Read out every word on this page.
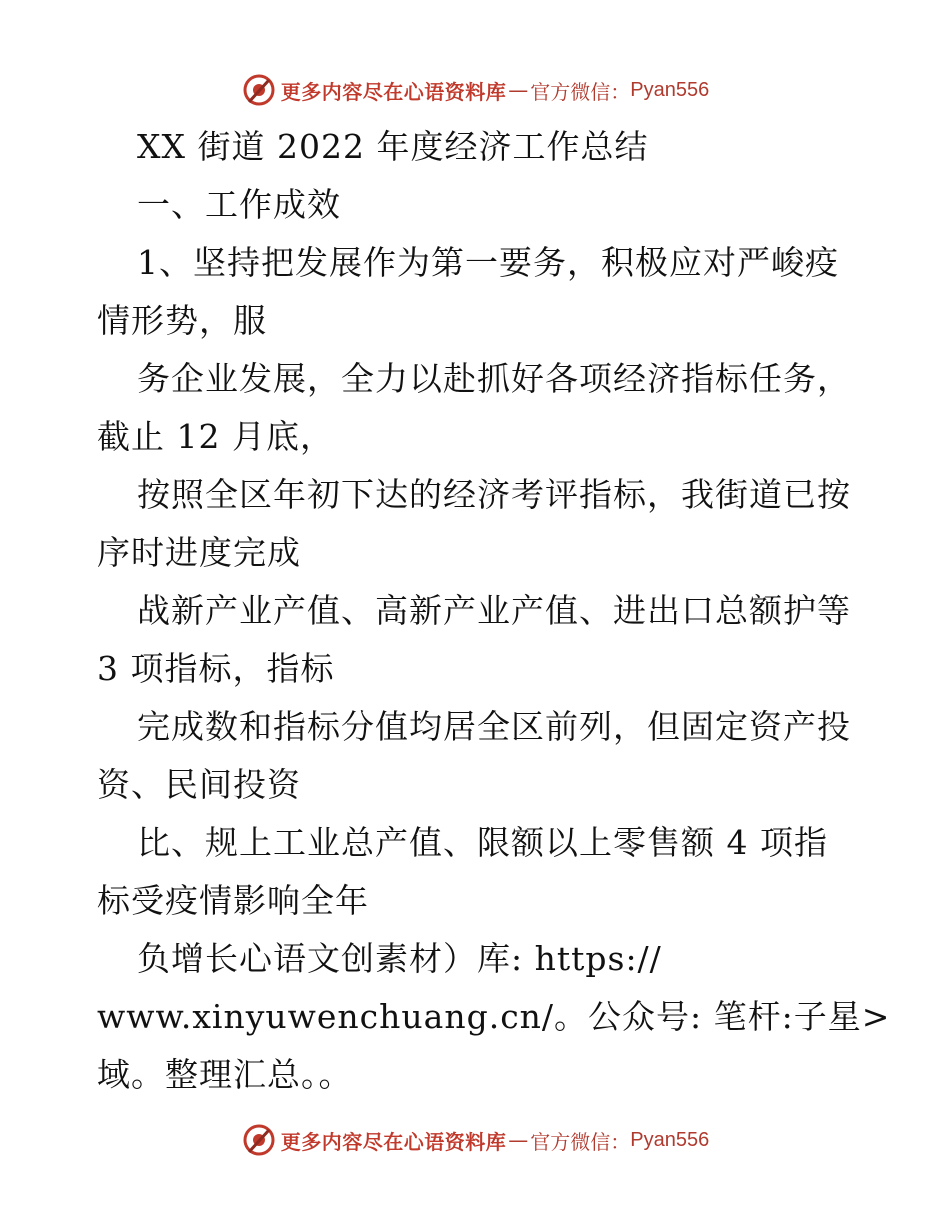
更多内容尽在心语资料库 — 官方微信： Pyan556
XX 街道 2022 年度经济工作总结
一、工作成效
1、坚持把发展作为第一要务，积极应对严峻疫
情形势，服
务企业发展，全力以赴抓好各项经济指标任务，
截止 12 月底，
按照全区年初下达的经济考评指标，我街道已按
序时进度完成
战新产业产值、高新产业产值、进出口总额护等
3 项指标，指标
完成数和指标分值均居全区前列，但固定资产投
资、民间投资
比、规上工业总产值、限额以上零售额 4 项指
标受疫情影响全年
负增长心语文创素材）库: https://
www.xinyuwenchuang.cn/。公众号: 笔杆:子星>
域。整理汇总。。
更多内容尽在心语资料库 — 官方微信： Pyan556
